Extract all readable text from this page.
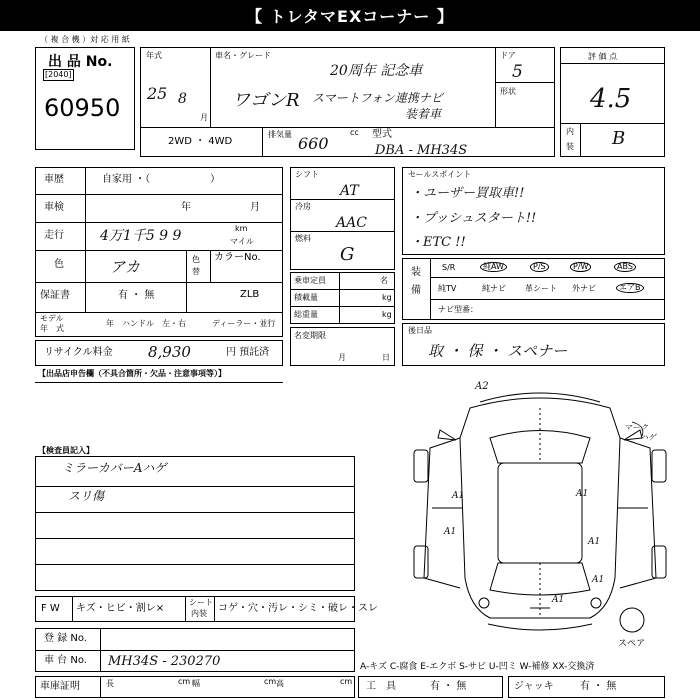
【 トレタマEXコーナー 】
（ 複 合 機 ）対 応 用 紙
出 品 No.
[2040]
60950
年式
25 8
月
車名・グレード
20周年 記念車
ワゴンR スマートフォン連携ナビ
装着車
ドア
5
形状
2WD ・ 4WD
排気量 660
cc 型式
DBA - MH34S
評 価 点
4.5
内
装 B
車歴	自家用 ・（　　　　　　）
車検	年	月
走行	4万1千5 9 9	km
マイル
色	アカ	色
替
カラーNo.
ZLB
保証書	有 ・ 無
モデル
年　式
年 ハンドル　左・右	ディーラー・並行
リサイクル料金 8,930	円 預託済
シフト
AT
冷房
AAC
燃料
G
乗車定員	名
積載量	kg
総重量	kg
名変期限
月	日
セールスポイント
・ユーザー買取車!!
・プッシュスタート!!
・ETC !!
装
備
S/R	純AW	P/S	P/W	ABS
純TV	純ナビ 革シート 外ナビ	エアB
ナビ型番：
後日品
取 ・ 保 ・ スペナー
【出品店申告欄（不具合箇所・欠品・注意事項等）】
【検査員記入】
ミラーカバーAハゲ
スリ傷
F W キズ・ヒビ・割レ×
シート
内装 コゲ・穴・汚レ・シミ・破レ・スレ
登 録 No.
車 台 No. MH34S - 230270
車庫証明	長	cm 幅	cm 高	cm
A-キズ C-腐食 E-エクボ S-サビ U-凹ミ W-補修 XX-交換済
工　具	有 ・ 無	ジャッキ	有 ・ 無
A2
マーク
ハゲ
A1	A1
A1
A1
A1
A1
スペア
